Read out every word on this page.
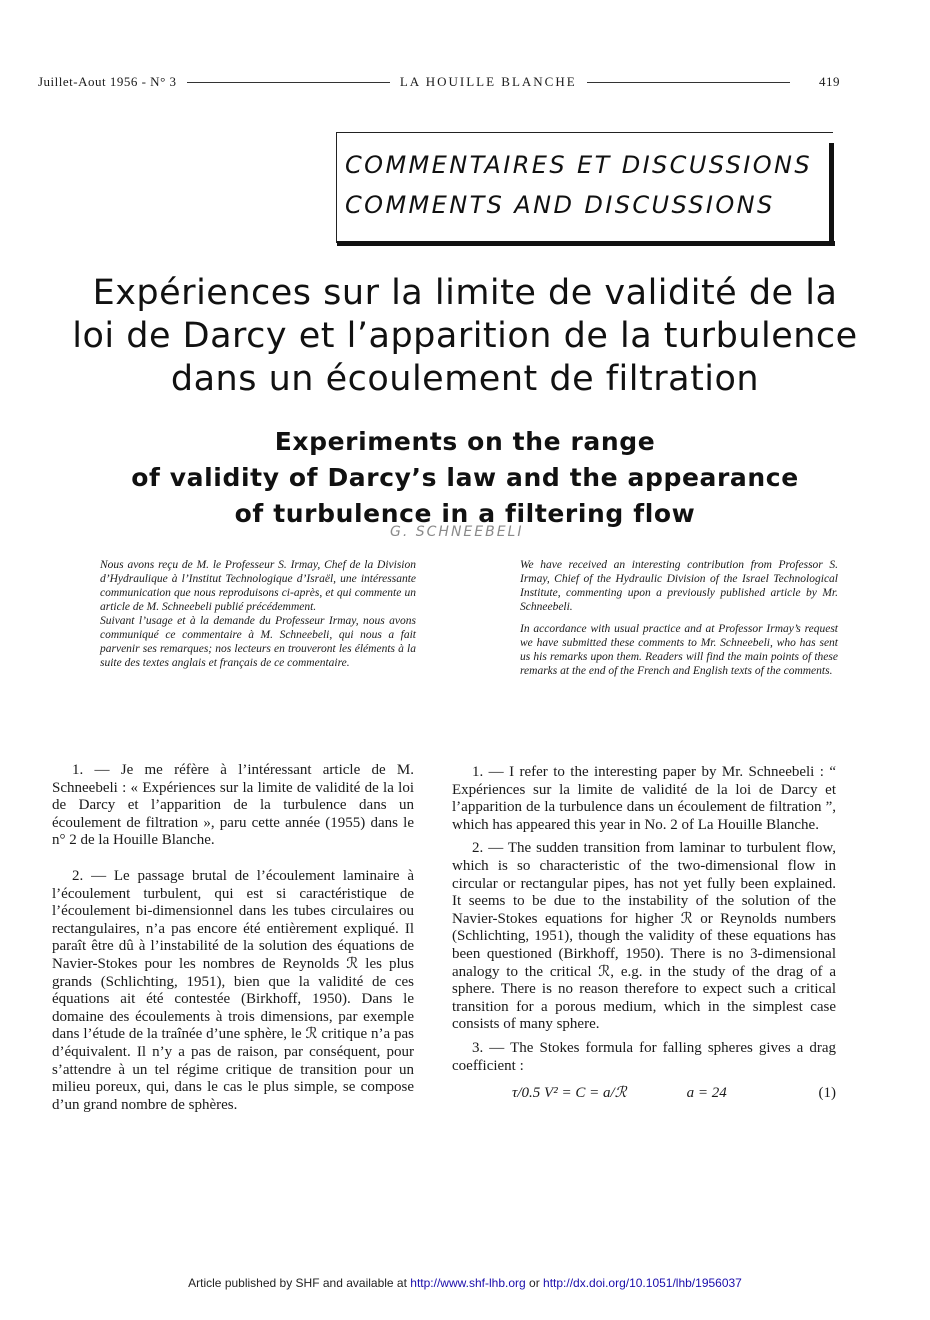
Juillet-Aout 1956 - N° 3	LA HOUILLE BLANCHE	419
COMMENTAIRES ET DISCUSSIONS
COMMENTS AND DISCUSSIONS
Expériences sur la limite de validité de la
loi de Darcy et l’apparition de la turbulence
dans un écoulement de filtration
Experiments on the range
of validity of Darcy’s law and the appearance
of turbulence in a filtering flow
G. SCHNEEBELI

Nous avons reçu de M. le Professeur S. Irmay, Chef de la Division d’Hydraulique à l’Institut Technologique d’Israël, une intéressante communication que nous reproduisons ci-après, et qui commente un article de M. Schneebeli publié précédemment.

Suivant l’usage et à la demande du Professeur Irmay, nous avons communiqué ce commentaire à M. Schneebeli, qui nous a fait parvenir ses remarques; nos lecteurs en trouveront les éléments à la suite des textes anglais et français de ce commentaire.

We have received an interesting contribution from Professor S. Irmay, Chief of the Hydraulic Division of the Israel Technological Institute, commenting upon a previously published article by Mr. Schneebeli.

In accordance with usual practice and at Professor Irmay’s request we have submitted these comments to Mr. Schneebeli, who has sent us his remarks upon them. Readers will find the main points of these remarks at the end of the French and English texts of the comments.

1. — Je me réfère à l’intéressant article de M. Schneebeli : « Expériences sur la limite de validité de la loi de Darcy et l’apparition de la turbulence dans un écoulement de filtration », paru cette année (1955) dans le n° 2 de la Houille Blanche.

2. — Le passage brutal de l’écoulement laminaire à l’écoulement turbulent, qui est si caractéristique de l’écoulement bi-dimensionnel dans les tubes circulaires ou rectangulaires, n’a pas encore été entièrement expliqué. Il paraît être dû à l’instabilité de la solution des équations de Navier-Stokes pour les nombres de Reynolds ℛ les plus grands (Schlichting, 1951), bien que la validité de ces équations ait été contestée (Birkhoff, 1950). Dans le domaine des écoulements à trois dimensions, par exemple dans l’étude de la traînée d’une sphère, le ℛ critique n’a pas d’équivalent. Il n’y a pas de raison, par conséquent, pour s’attendre à un tel régime critique de transition pour un milieu poreux, qui, dans le cas le plus simple, se compose d’un grand nombre de sphères.

1. — I refer to the interesting paper by Mr. Schneebeli : “ Expériences sur la limite de validité de la loi de Darcy et l’apparition de la turbulence dans un écoulement de filtration ”, which has appeared this year in No. 2 of La Houille Blanche.

2. — The sudden transition from laminar to turbulent flow, which is so characteristic of the two-dimensional flow in circular or rectangular pipes, has not yet fully been explained. It seems to be due to the instability of the solution of the Navier-Stokes equations for higher ℛ or Reynolds numbers (Schlichting, 1951), though the validity of these equations has been questioned (Birkhoff, 1950). There is no 3-dimensional analogy to the critical ℛ, e.g. in the study of the drag of a sphere. There is no reason therefore to expect such a critical transition for a porous medium, which in the simplest case consists of many sphere.

3. — The Stokes formula for falling spheres gives a drag coefficient :

τ/0.5 V² = C = a/ℛ	a = 24	(1)
Article published by SHF and available at http://www.shf-lhb.org or http://dx.doi.org/10.1051/lhb/1956037
